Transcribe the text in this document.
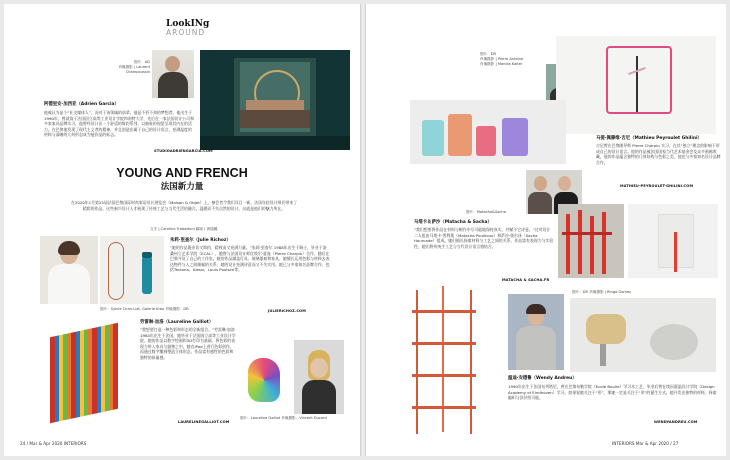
LookINg
AROUND
图片：AD
肖像摄影 | Laurent Champoussin
阿德里安·加西亚（Adrien Garcia）
他被认为是个“社交媒体人”，而对于该领域的前辈，他是不折不扣的梦想者。他出生于1990年，曾就读于法国国立高等工业设计学院和南特大学，先后在一家法国设计公司和多家家具品牌实习，他曾经设计出一个舒适的简约系列，以抽象的视觉呈现其内在的活力。在巴黎他发现了现代主义者的精神，并且创造出属于自己的设计语言，充满温度的材料与清晰的几何形态成为他作品的标志。
STUDIOADRIENGARCIA.COM
YOUNG AND FRENCH
法国新力量
在2020年1月第25届法国巴黎国际时尚家居设计展览会（Maison & Objet）上，参会者令我们耳目一新，法国年轻设计师们带来了精彩的作品。这些新兴设计人才展现了传统工艺与当代生活的融合。温暖而不失自然的设计，这就是他们的魅力所在。
文字 | Caroline Trabattoni 翻译 | 黄瑞璐
朱莉·里查尔（Julie Richoz）
“她的作品既亲切又简约，精致而又充满力量。”朱莉·里查尔 1988年出生于瑞士，毕业于洛桑州立艺术学院（ECAL），她曾与法国设计师皮埃尔·夏庞（Pierre Charpin）合作，随后在巴黎开设了自己的工作室。她的作品涵盖灯具、玻璃器皿和家具，她擅长运用色彩与材料去表达物件与人之间细腻的关系，她的设计充满诗意而又不失实用。她已与多家知名品牌合作，包括Tectona、Alessi、Louis Poulsen等。
JULIERICHOZ.COM
图片：Sylvie Chan-Liat, Galerie Kreo 肖像摄影：DR
劳雷琳·加洛（Laureline Galliot）
“我想要打造一种色彩和形态的全新组合。”劳雷琳·加洛1984年出生于法国，她毕业于法国国立高等工业设计学院，她的作品以数字绘画和3D打印为基础，将色彩的表现力带入家具与器物之中。她在iPad上进行色彩创作，再通过数字雕刻塑造立体形态，作品富有感性的色彩和独特的体量感。
LAURELINEGALLIOT.COM
图片：Laureline Galliot 肖像摄影：Vincent Ducard
24 / Mar & Apr 2020 INTERIORS
图片：DR
肖像摄影 | Pierre Antoine
肖像摄影 | Monika Kaiter
马提·佩滕维·吉尼（Mathieu Peyroulet Ghilini）
吉尼曾在巴黎随导师 Pierre Charpin 实习，在其“独立”理念的影响下形成自己的设计语言。他的作品被法国国家当代艺术基金会及众多画廊收藏，他的作品蕴含独特的几何结构与色彩之美，他也与多家知名设计品牌合作。
MATHIEU-PEYROULET-GHILINI.COM
图片：Matacha&Sacha
马塔卡＆萨沙（Matacha & Sacha）
“我们想要将作品在材料与制作中尽可能地保持真实，并赋予它诗意。”这对设计二人组由马塔卡·普利奥（Matacha Poullioux）和萨沙·奥尔泽（Sacha Hourcade）组成。她们擅长探索材料与工艺之间的关系，作品富有表现力与实验性，她们将传统手工艺与当代设计语言相结合。
MATACHA & SACHA.FR
图片：DR 肖像摄影 | Ringo Gomez
温迪·安德鲁（Wendy Andreu）
1990年出生于法国布列塔尼，曾在巴黎布勒学院（Ecole Boulle）学习木工艺，毕业后曾在埃因霍温设计学院（Design Academy of Eindhoven）学习。如果说她关注于“形”，那她一定是关注于“形”的诞生方式。她开发出独特的材料，探索编织与涂层的可能。
WENDYANDREU.COM
INTERIORS Mar & Apr 2020 / 27
